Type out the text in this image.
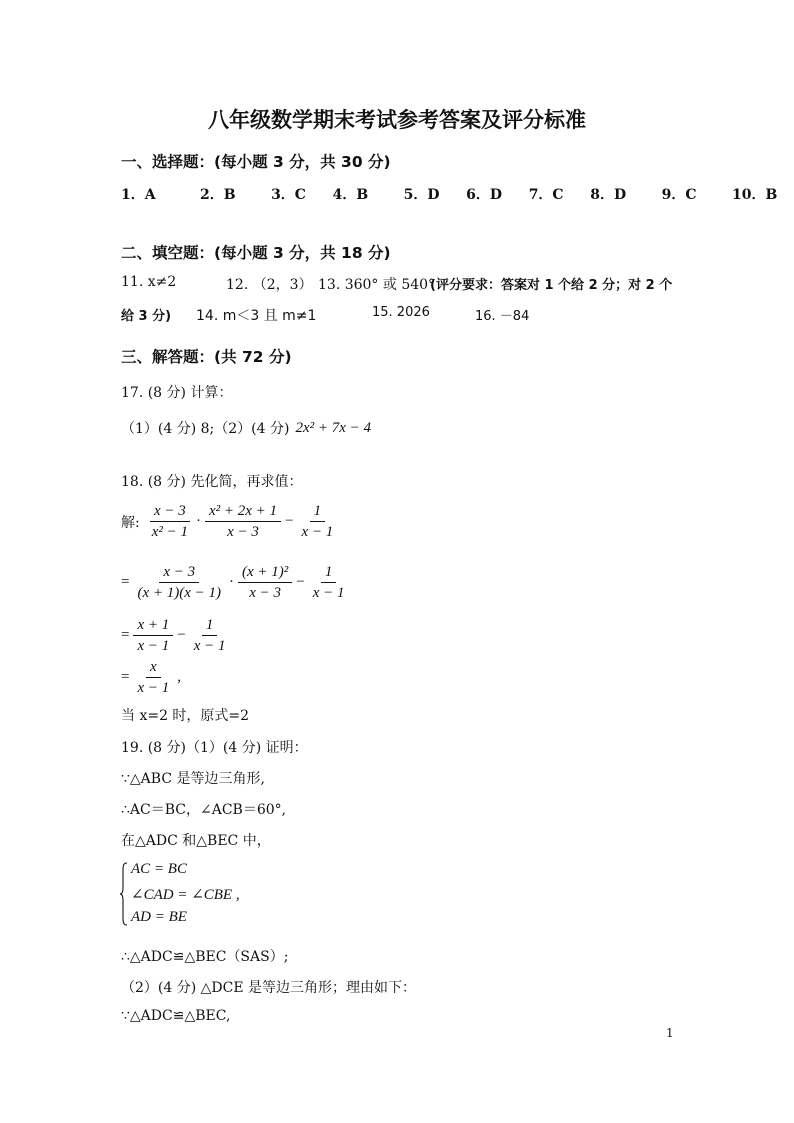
八年级数学期末考试参考答案及评分标准
一、选择题：(每小题 3 分，共 30 分)
1．A	2．B	3．C 4．B	5．D 6．D 7．C 8．D	9．C	10．B
二、填空题：(每小题 3 分，共 18 分)
11. x≠2	12. （2，3） 13. 360° 或 540°
(评分要求：答案对 1 个给 2 分；对 2 个
给 3 分) 14. m＜3 且 m≠1	15. 2026	16. －84
三、解答题：(共 72 分)
17. (8 分) 计算：
（1）(4 分) 8;（2）(4 分) 2x² + 7x − 4
18. (8 分) 先化简，再求值：
解: $\frac{x - 3}{\text{x² − 1}} \cdot \frac{\text{x² + 2x + 1}}{x - 3} - \frac{1}{x - 1}$
= $\frac{x - 3}{(x + 1)(x - 1)} \cdot \frac{\text{(x + 1)²}}{x - 3} - \frac{1}{x - 1}$
= $\frac{x + 1}{x - 1} - \frac{1}{x - 1}$
= $\frac{x}{x - 1}$ ,
当 x=2 时，原式=2
19. (8 分)（1）(4 分) 证明：
∵△ABC 是等边三角形,
∴AC＝BC，∠ACB＝60°,
在△ADC 和△BEC 中，
AC = BC
∠CAD = ∠CBE ,
AD = BE
∴△ADC≌△BEC（SAS）;
（2）(4 分) △DCE 是等边三角形；理由如下：
∵△ADC≌△BEC,
1
